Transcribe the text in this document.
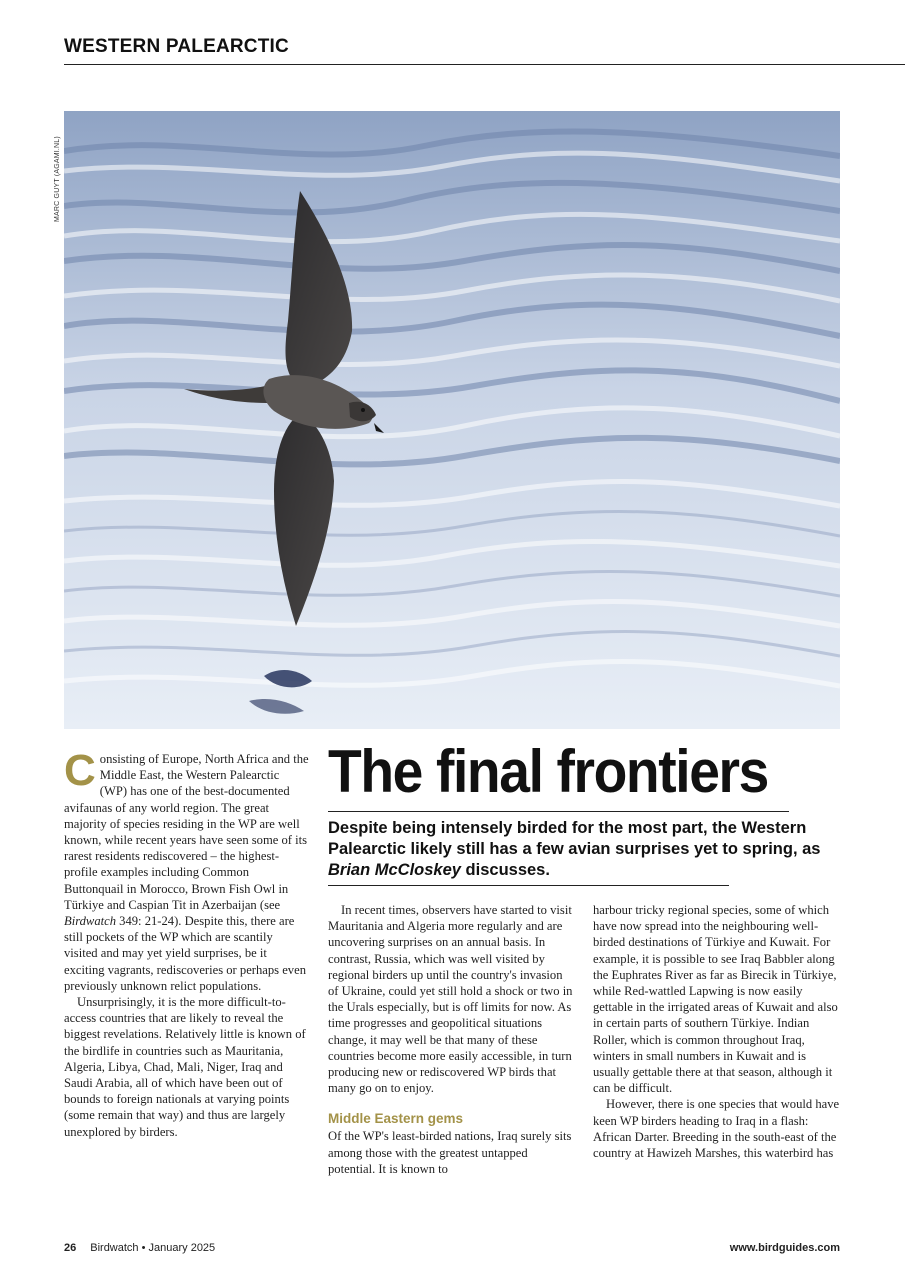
WESTERN PALEARCTIC
MARC GUYT (AGAMI.NL)

Consisting of Europe, North Africa and the Middle East, the Western Palearctic (WP) has one of the best-documented avifaunas of any world region. The great majority of species residing in the WP are well known, while recent years have seen some of its rarest residents rediscovered – the highest-profile examples including Common Buttonquail in Morocco, Brown Fish Owl in Türkiye and Caspian Tit in Azerbaijan (see Birdwatch 349: 21-24). Despite this, there are still pockets of the WP which are scantily visited and may yet yield surprises, be it exciting vagrants, rediscoveries or perhaps even previously unknown relict populations.

Unsurprisingly, it is the more difficult-to-access countries that are likely to reveal the biggest revelations. Relatively little is known of the birdlife in countries such as Mauritania, Algeria, Libya, Chad, Mali, Niger, Iraq and Saudi Arabia, all of which have been out of bounds to foreign nationals at varying points (some remain that way) and thus are largely unexplored by birders.

The final frontiers
Despite being intensely birded for the most part, the Western Palearctic likely still has a few avian surprises yet to spring, as Brian McCloskey discusses.

In recent times, observers have started to visit Mauritania and Algeria more regularly and are uncovering surprises on an annual basis. In contrast, Russia, which was well visited by regional birders up until the country's invasion of Ukraine, could yet still hold a shock or two in the Urals especially, but is off limits for now. As time progresses and geopolitical situations change, it may well be that many of these countries become more easily accessible, in turn producing new or rediscovered WP birds that many go on to enjoy.

Middle Eastern gems

Of the WP's least-birded nations, Iraq surely sits among those with the greatest untapped potential. It is known to

harbour tricky regional species, some of which have now spread into the neighbouring well-birded destinations of Türkiye and Kuwait. For example, it is possible to see Iraq Babbler along the Euphrates River as far as Birecik in Türkiye, while Red-wattled Lapwing is now easily gettable in the irrigated areas of Kuwait and also in certain parts of southern Türkiye. Indian Roller, which is common throughout Iraq, winters in small numbers in Kuwait and is usually gettable there at that season, although it can be difficult.

However, there is one species that would have keen WP birders heading to Iraq in a flash: African Darter. Breeding in the south-east of the country at Hawizeh Marshes, this waterbird has

26 Birdwatch • January 2025	www.birdguides.com
